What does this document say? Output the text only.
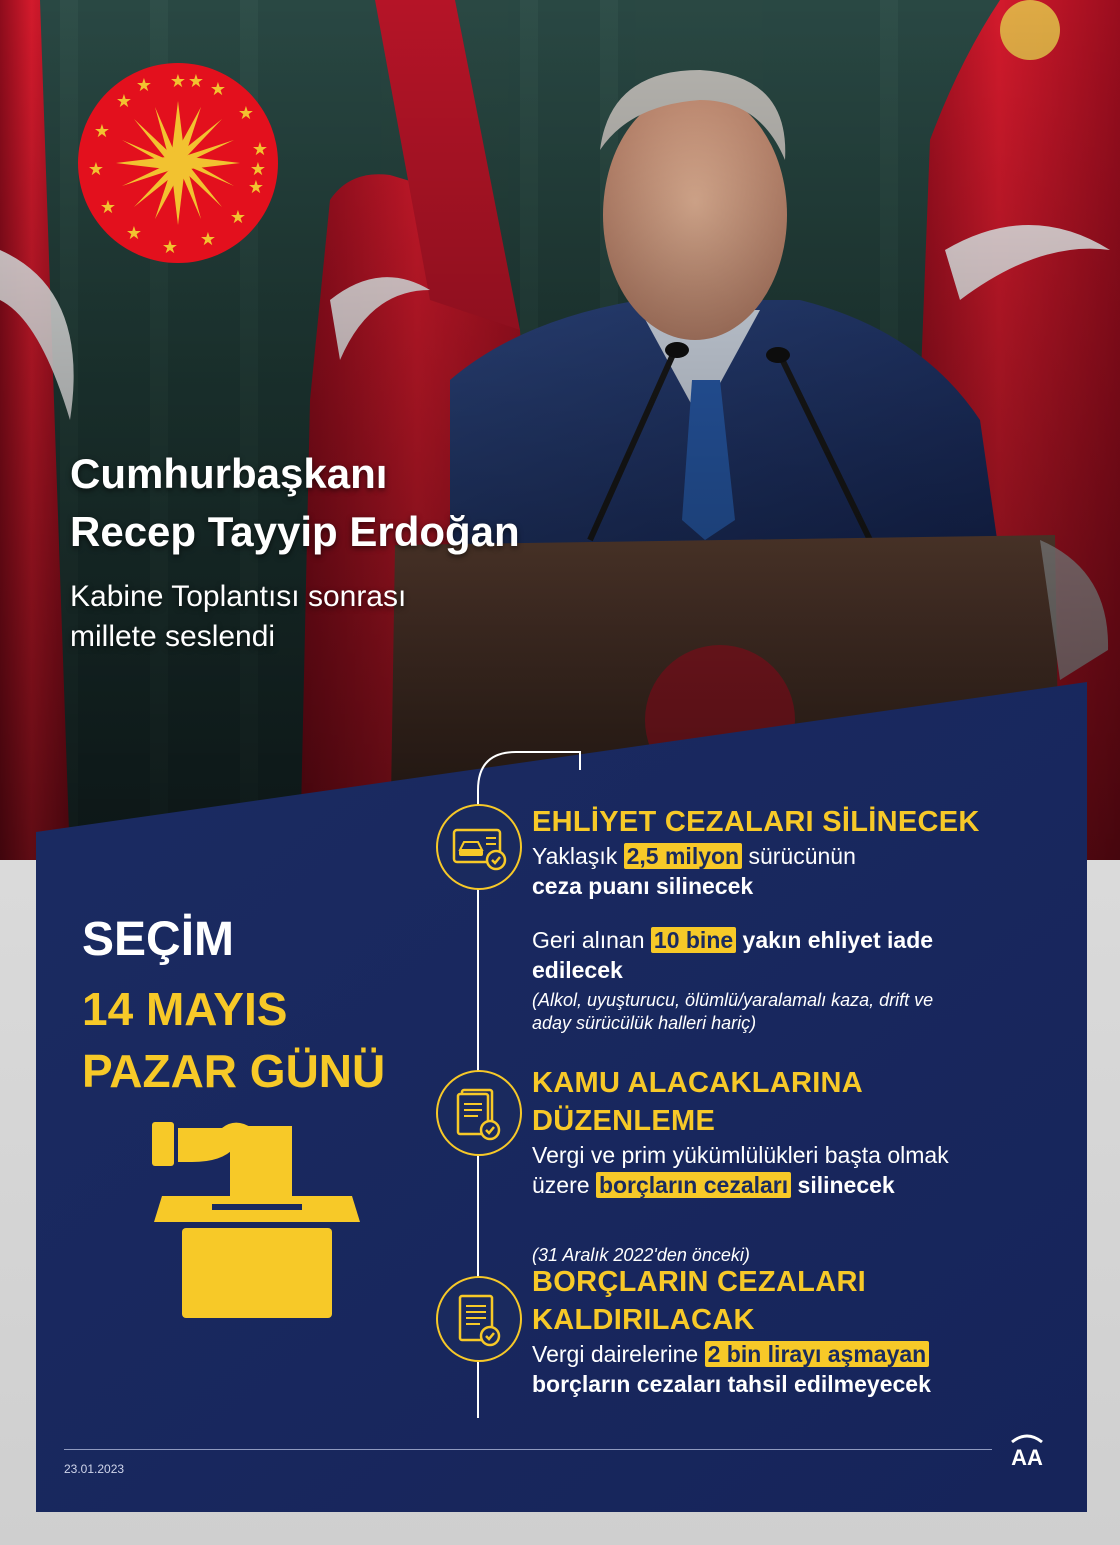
★ ★
★
★
★
★
★
★
★
★
★
★
★
★ ★
★
Cumhurbaşkanı
Recep Tayyip Erdoğan
Kabine Toplantısı sonrası
millete seslendi
EHLİYET CEZALARI SİLİNECEK
Yaklaşık 2,5 milyon sürücünün
ceza puanı silinecek
Geri alınan 10 bine yakın ehliyet iade
edilecek
(Alkol, uyuşturucu, ölümlü/yaralamalı kaza, drift ve
aday sürücülük halleri hariç)
KAMU ALACAKLARINA
DÜZENLEME
Vergi ve prim yükümlülükleri başta olmak
üzere borçların cezaları silinecek
(31 Aralık 2022'den önceki)
BORÇLARIN CEZALARI
KALDIRILACAK
Vergi dairelerine 2 bin lirayı aşmayan
borçların cezaları tahsil edilmeyecek
SEÇİM
14 MAYIS
PAZAR GÜNÜ
23.01.2023	AA
